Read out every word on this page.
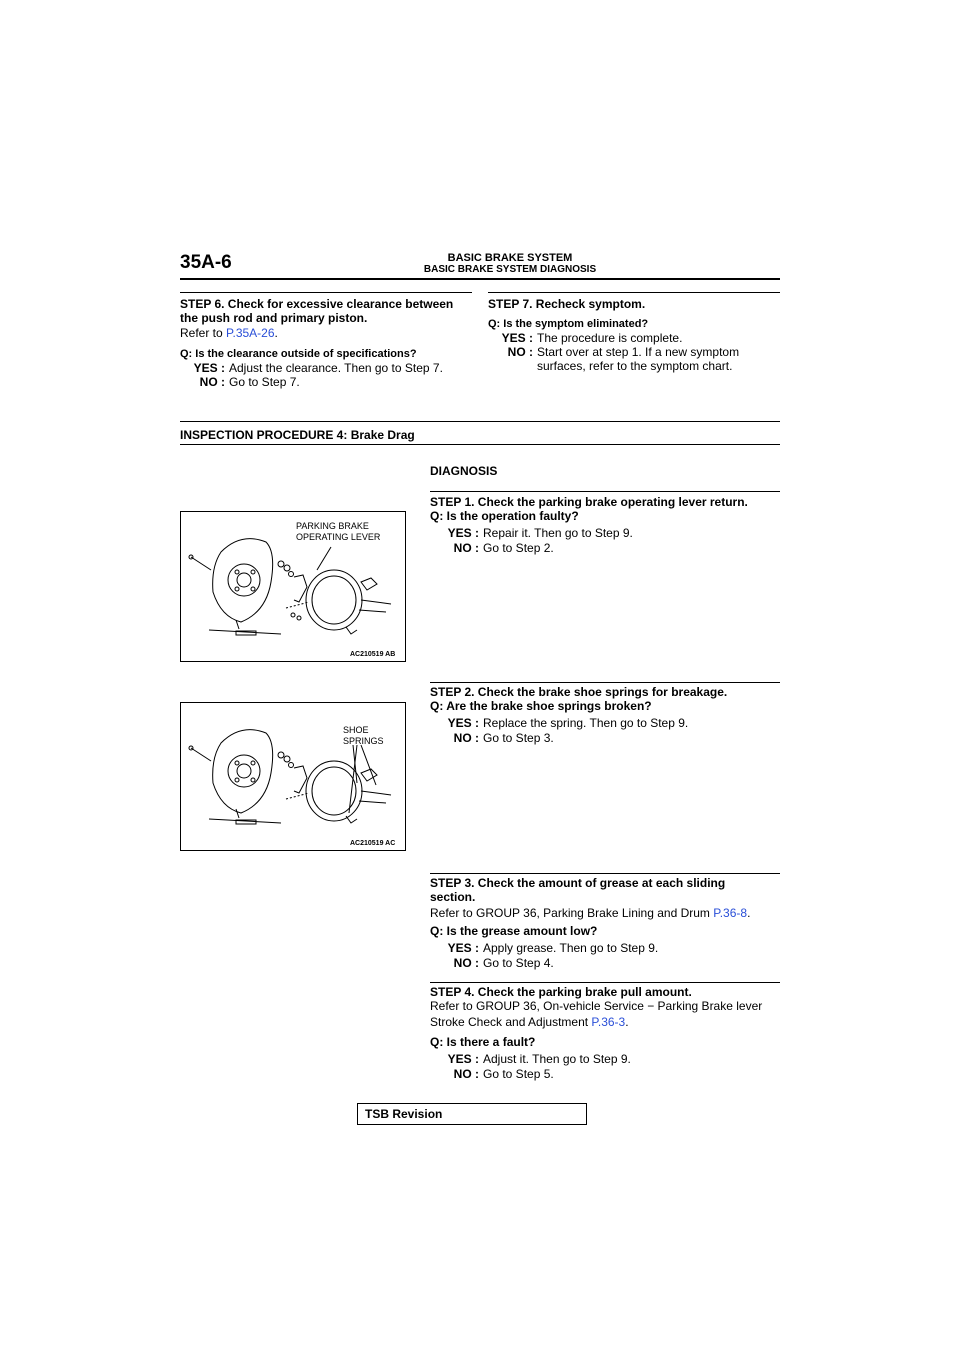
35A-6	BASIC BRAKE SYSTEM
BASIC BRAKE SYSTEM DIAGNOSIS
STEP 6. Check for excessive clearance between
the push rod and primary piston.
Refer to P.35A-26.
Q: Is the clearance outside of specifications?
YES : Adjust the clearance. Then go to Step 7.
NO : Go to Step 7.
STEP 7. Recheck symptom.
Q: Is the symptom eliminated?
YES : The procedure is complete.
NO : Start over at step 1. If a new symptom
surfaces, refer to the symptom chart.
INSPECTION PROCEDURE 4: Brake Drag
DIAGNOSIS
PARKING BRAKE
OPERATING LEVER
AC210519 AB
STEP 1. Check the parking brake operating lever return.
Q: Is the operation faulty?
YES : Repair it. Then go to Step 9.
NO : Go to Step 2.
SHOE
SPRINGS
AC210519 AC
STEP 2. Check the brake shoe springs for breakage.
Q: Are the brake shoe springs broken?
YES : Replace the spring. Then go to Step 9.
NO : Go to Step 3.
STEP 3. Check the amount of grease at each sliding
section.
Refer to GROUP 36, Parking Brake Lining and Drum P.36-8.
Q: Is the grease amount low?
YES : Apply grease. Then go to Step 9.
NO : Go to Step 4.
STEP 4. Check the parking brake pull amount.
Refer to GROUP 36, On-vehicle Service − Parking Brake lever
Stroke Check and Adjustment P.36-3.
Q: Is there a fault?
YES : Adjust it. Then go to Step 9.
NO : Go to Step 5.
TSB Revision
